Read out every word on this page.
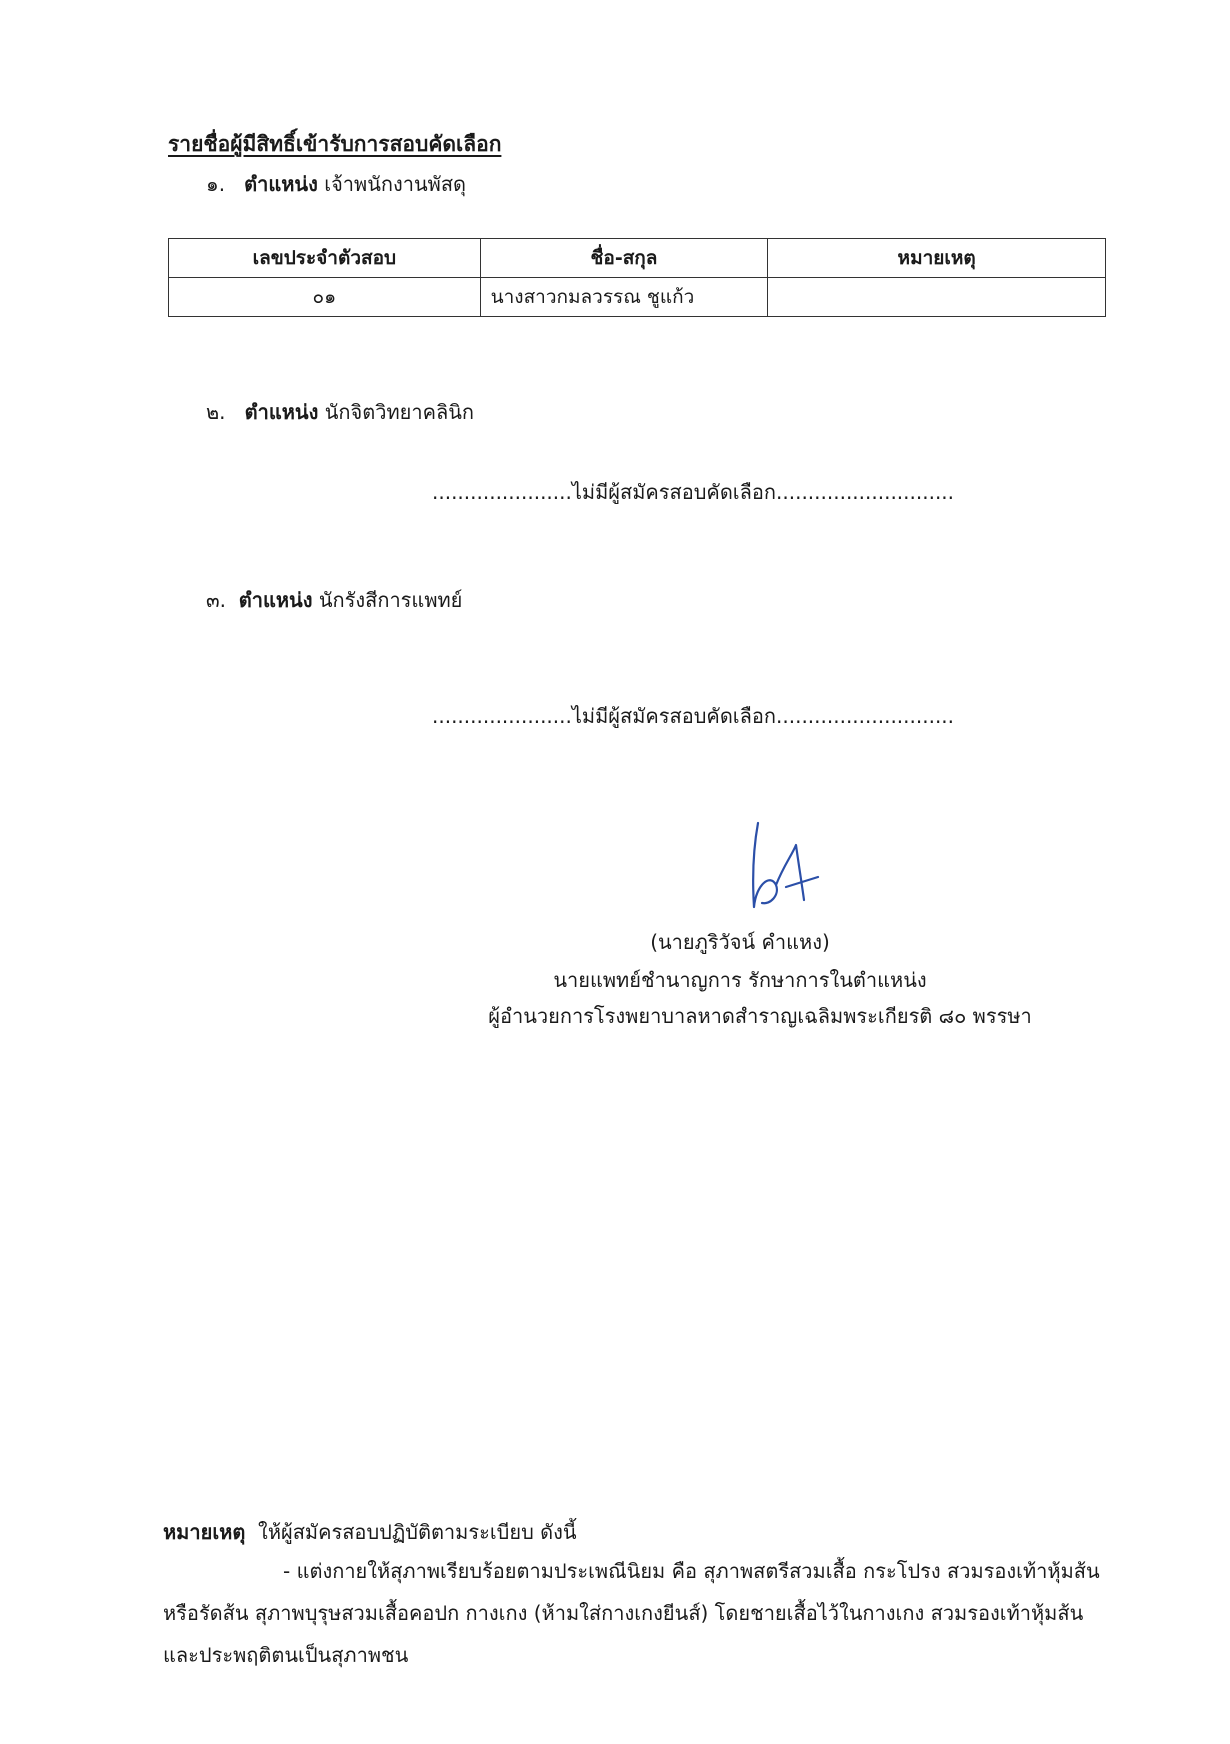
รายชื่อผู้มีสิทธิ์เข้ารับการสอบคัดเลือก
๑. ตำแหน่ง เจ้าพนักงานพัสดุ
เลขประจำตัวสอบ	ชื่อ-สกุล	หมายเหตุ
๐๑	นางสาวกมลวรรณ ชูแก้ว	
๒. ตำแหน่ง นักจิตวิทยาคลินิก
......................ไม่มีผู้สมัครสอบคัดเลือก............................
๓. ตำแหน่ง นักรังสีการแพทย์
......................ไม่มีผู้สมัครสอบคัดเลือก............................
(นายภูริวัจน์ คำแหง)
นายแพทย์ชำนาญการ รักษาการในตำแหน่ง
ผู้อำนวยการโรงพยาบาลหาดสำราญเฉลิมพระเกียรติ ๘๐ พรรษา
หมายเหตุ ให้ผู้สมัครสอบปฏิบัติตามระเบียบ ดังนี้
- แต่งกายให้สุภาพเรียบร้อยตามประเพณีนิยม คือ สุภาพสตรีสวมเสื้อ กระโปรง สวมรองเท้าหุ้มส้น หรือรัดส้น สุภาพบุรุษสวมเสื้อคอปก กางเกง (ห้ามใส่กางเกงยีนส์) โดยชายเสื้อไว้ในกางเกง สวมรองเท้าหุ้มส้น และประพฤติตนเป็นสุภาพชน
